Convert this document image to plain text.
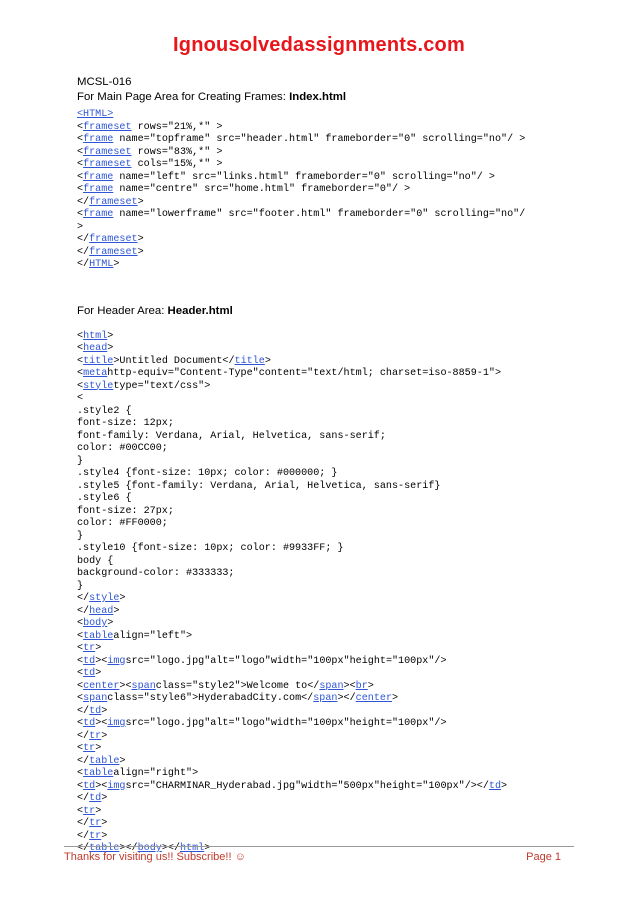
Ignousolvedassignments.com
MCSL-016
For Main Page Area for Creating Frames: Index.html
<HTML>
<frameset rows="21%,*" >
<frame name="topframe" src="header.html" frameborder="0" scrolling="no"/ >
<frameset rows="83%,*" >
<frameset cols="15%,*" >
<frame name="left" src="links.html" frameborder="0" scrolling="no"/ >
<frame name="centre" src="home.html" frameborder="0"/ >
</frameset>
<frame name="lowerframe" src="footer.html" frameborder="0" scrolling="no"/
>
</frameset>
</frameset>
</HTML>
For Header Area: Header.html
<html>
<head>
<title>Untitled Document</title>
<metahttp-equiv="Content-Type"content="text/html; charset=iso-8859-1">
<styletype="text/css">
<
.style2 {
font-size: 12px;
font-family: Verdana, Arial, Helvetica, sans-serif;
color: #00CC00;
}
.style4 {font-size: 10px; color: #000000; }
.style5 {font-family: Verdana, Arial, Helvetica, sans-serif}
.style6 {
font-size: 27px;
color: #FF0000;
}
.style10 {font-size: 10px; color: #9933FF; }
body {
background-color: #333333;
}
</style>
</head>
<body>
<tablealign="left">
<tr>
<td><imgsrc="logo.jpg"alt="logo"width="100px"height="100px"/>
<td>
<center><spanclass="style2">Welcome to</span><br>
<spanclass="style6">HyderabadCity.com</span></center>
</td>
<td><imgsrc="logo.jpg"alt="logo"width="100px"height="100px"/>
</tr>
<tr>
</table>
<tablealign="right">
<td><imgsrc="CHARMINAR_Hyderabad.jpg"width="500px"height="100px"/></td>
</td>
<tr>
</tr>
</tr>
</table></body></html>
Thanks for visiting us!! Subscribe!! ☺	Page 1
